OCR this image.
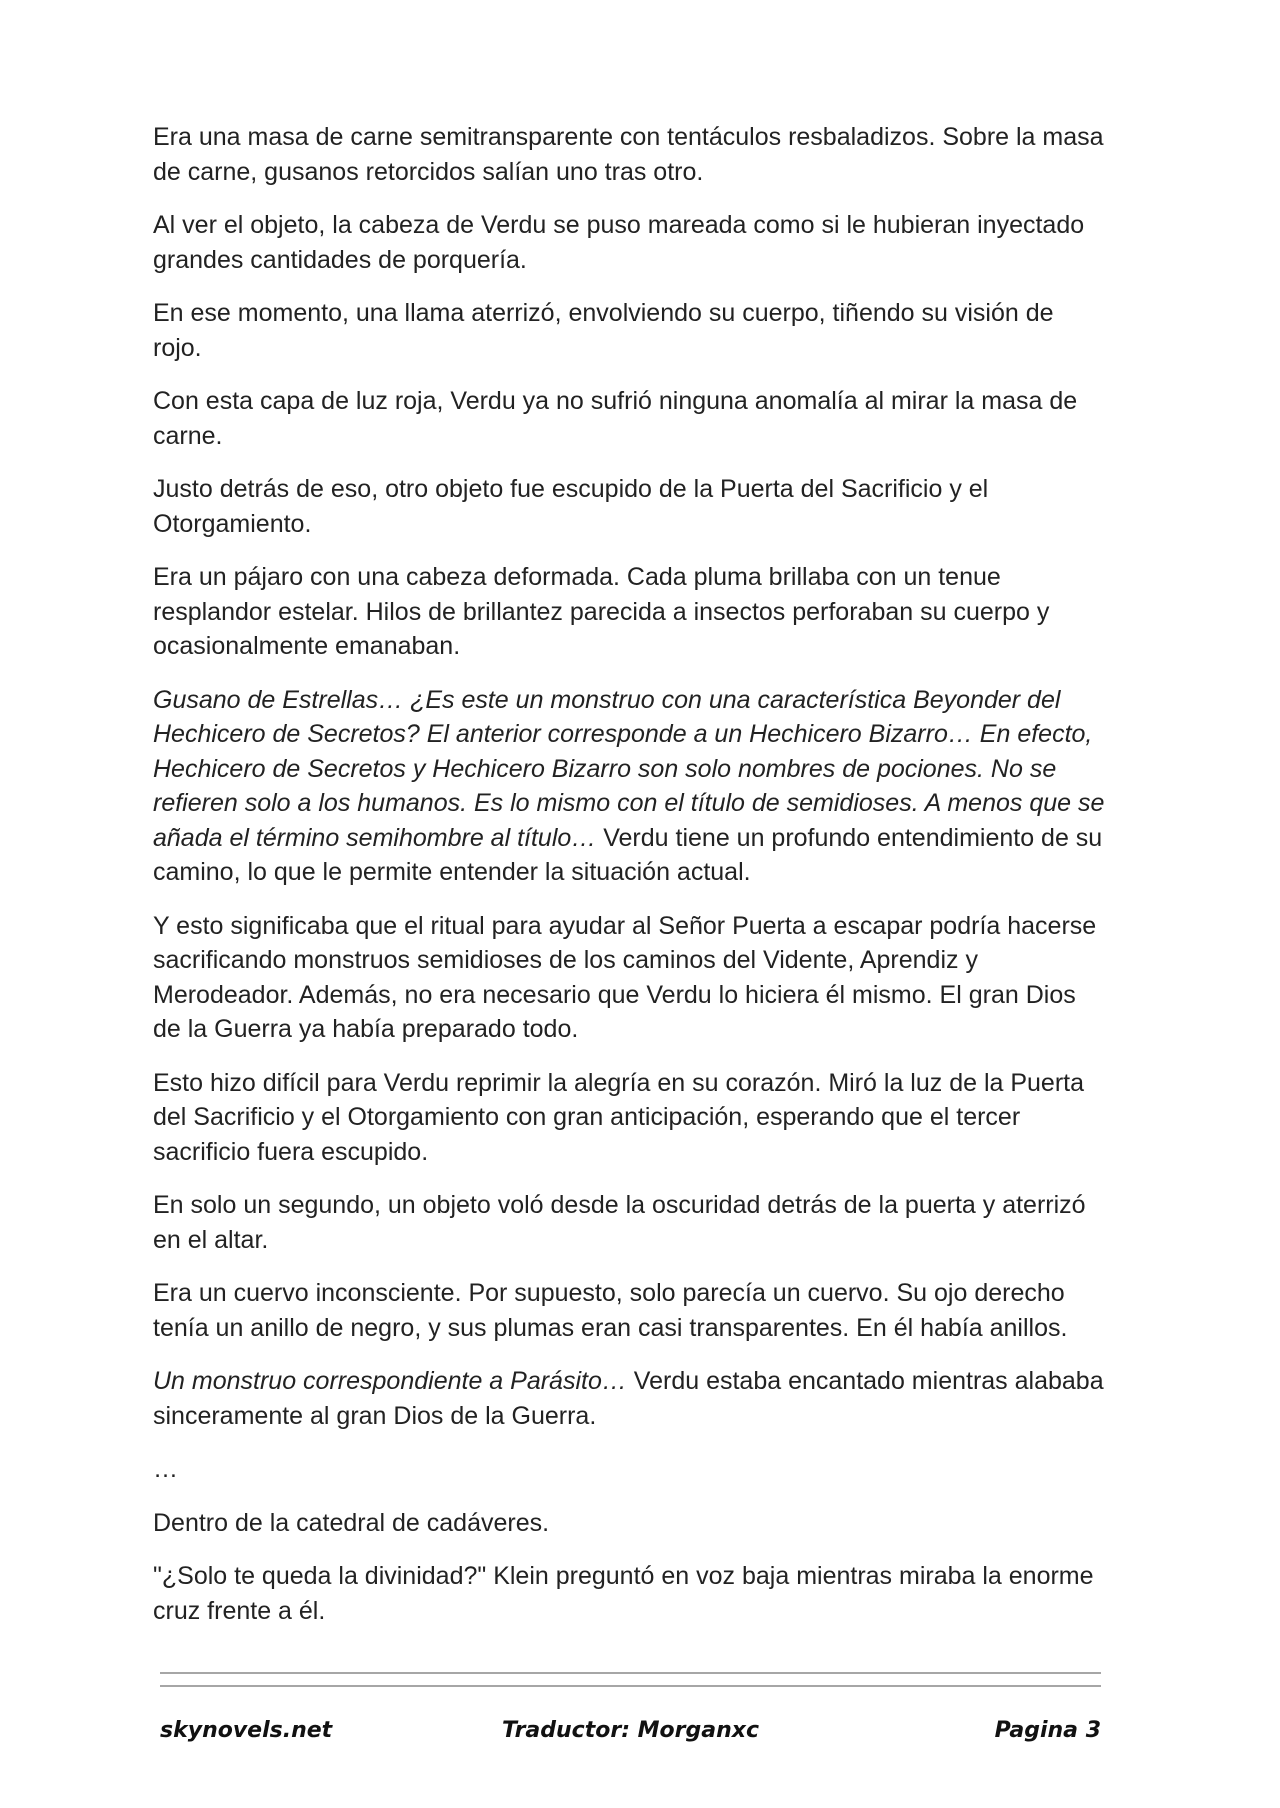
Era una masa de carne semitransparente con tentáculos resbaladizos. Sobre la masa de carne, gusanos retorcidos salían uno tras otro.

Al ver el objeto, la cabeza de Verdu se puso mareada como si le hubieran inyectado grandes cantidades de porquería.

En ese momento, una llama aterrizó, envolviendo su cuerpo, tiñendo su visión de rojo.

Con esta capa de luz roja, Verdu ya no sufrió ninguna anomalía al mirar la masa de carne.

Justo detrás de eso, otro objeto fue escupido de la Puerta del Sacrificio y el Otorgamiento.

Era un pájaro con una cabeza deformada. Cada pluma brillaba con un tenue resplandor estelar. Hilos de brillantez parecida a insectos perforaban su cuerpo y ocasionalmente emanaban.

Gusano de Estrellas… ¿Es este un monstruo con una característica Beyonder del Hechicero de Secretos? El anterior corresponde a un Hechicero Bizarro… En efecto, Hechicero de Secretos y Hechicero Bizarro son solo nombres de pociones. No se refieren solo a los humanos. Es lo mismo con el título de semidioses. A menos que se añada el término semihombre al título… Verdu tiene un profundo entendimiento de su camino, lo que le permite entender la situación actual.

Y esto significaba que el ritual para ayudar al Señor Puerta a escapar podría hacerse sacrificando monstruos semidioses de los caminos del Vidente, Aprendiz y Merodeador. Además, no era necesario que Verdu lo hiciera él mismo. El gran Dios de la Guerra ya había preparado todo.

Esto hizo difícil para Verdu reprimir la alegría en su corazón. Miró la luz de la Puerta del Sacrificio y el Otorgamiento con gran anticipación, esperando que el tercer sacrificio fuera escupido.

En solo un segundo, un objeto voló desde la oscuridad detrás de la puerta y aterrizó en el altar.

Era un cuervo inconsciente. Por supuesto, solo parecía un cuervo. Su ojo derecho tenía un anillo de negro, y sus plumas eran casi transparentes. En él había anillos.

Un monstruo correspondiente a Parásito… Verdu estaba encantado mientras alababa sinceramente al gran Dios de la Guerra.

…

Dentro de la catedral de cadáveres.

"¿Solo te queda la divinidad?" Klein preguntó en voz baja mientras miraba la enorme cruz frente a él.

skynovels.net	Traductor: Morganxc	Pagina 3
